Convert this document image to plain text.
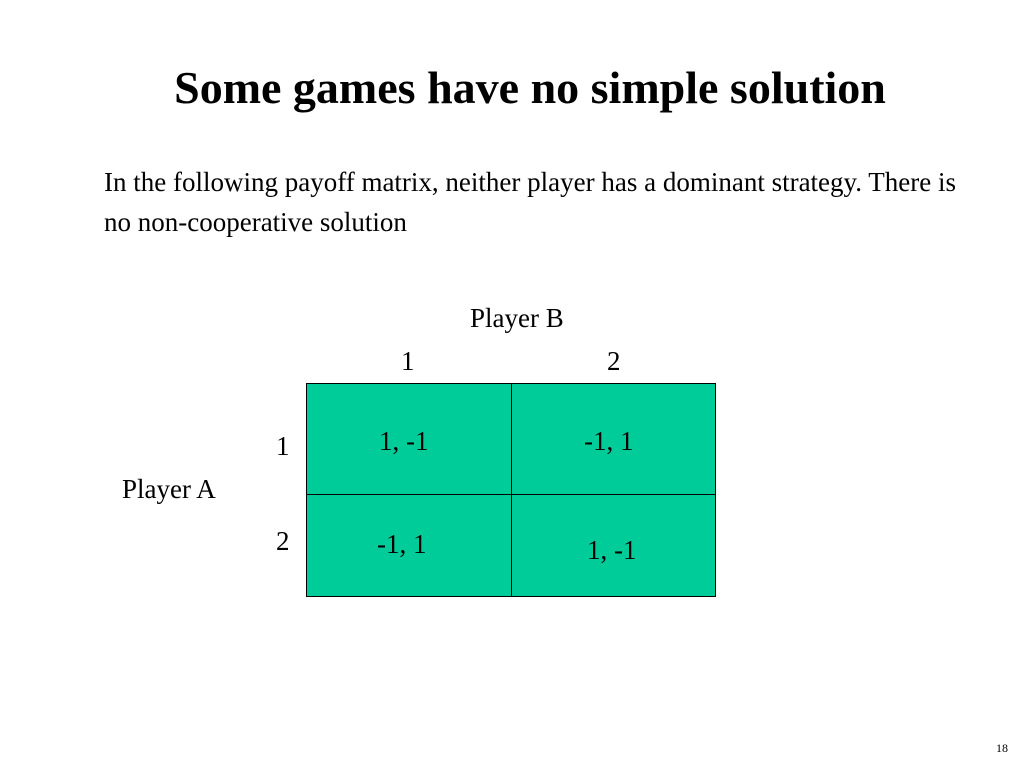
Some games have no simple solution
In the following payoff matrix, neither player has a dominant strategy. There is no non-cooperative solution
Player B
1	2
1
2
Player A
1, -1	-1, 1
-1, 1	1, -1
18
